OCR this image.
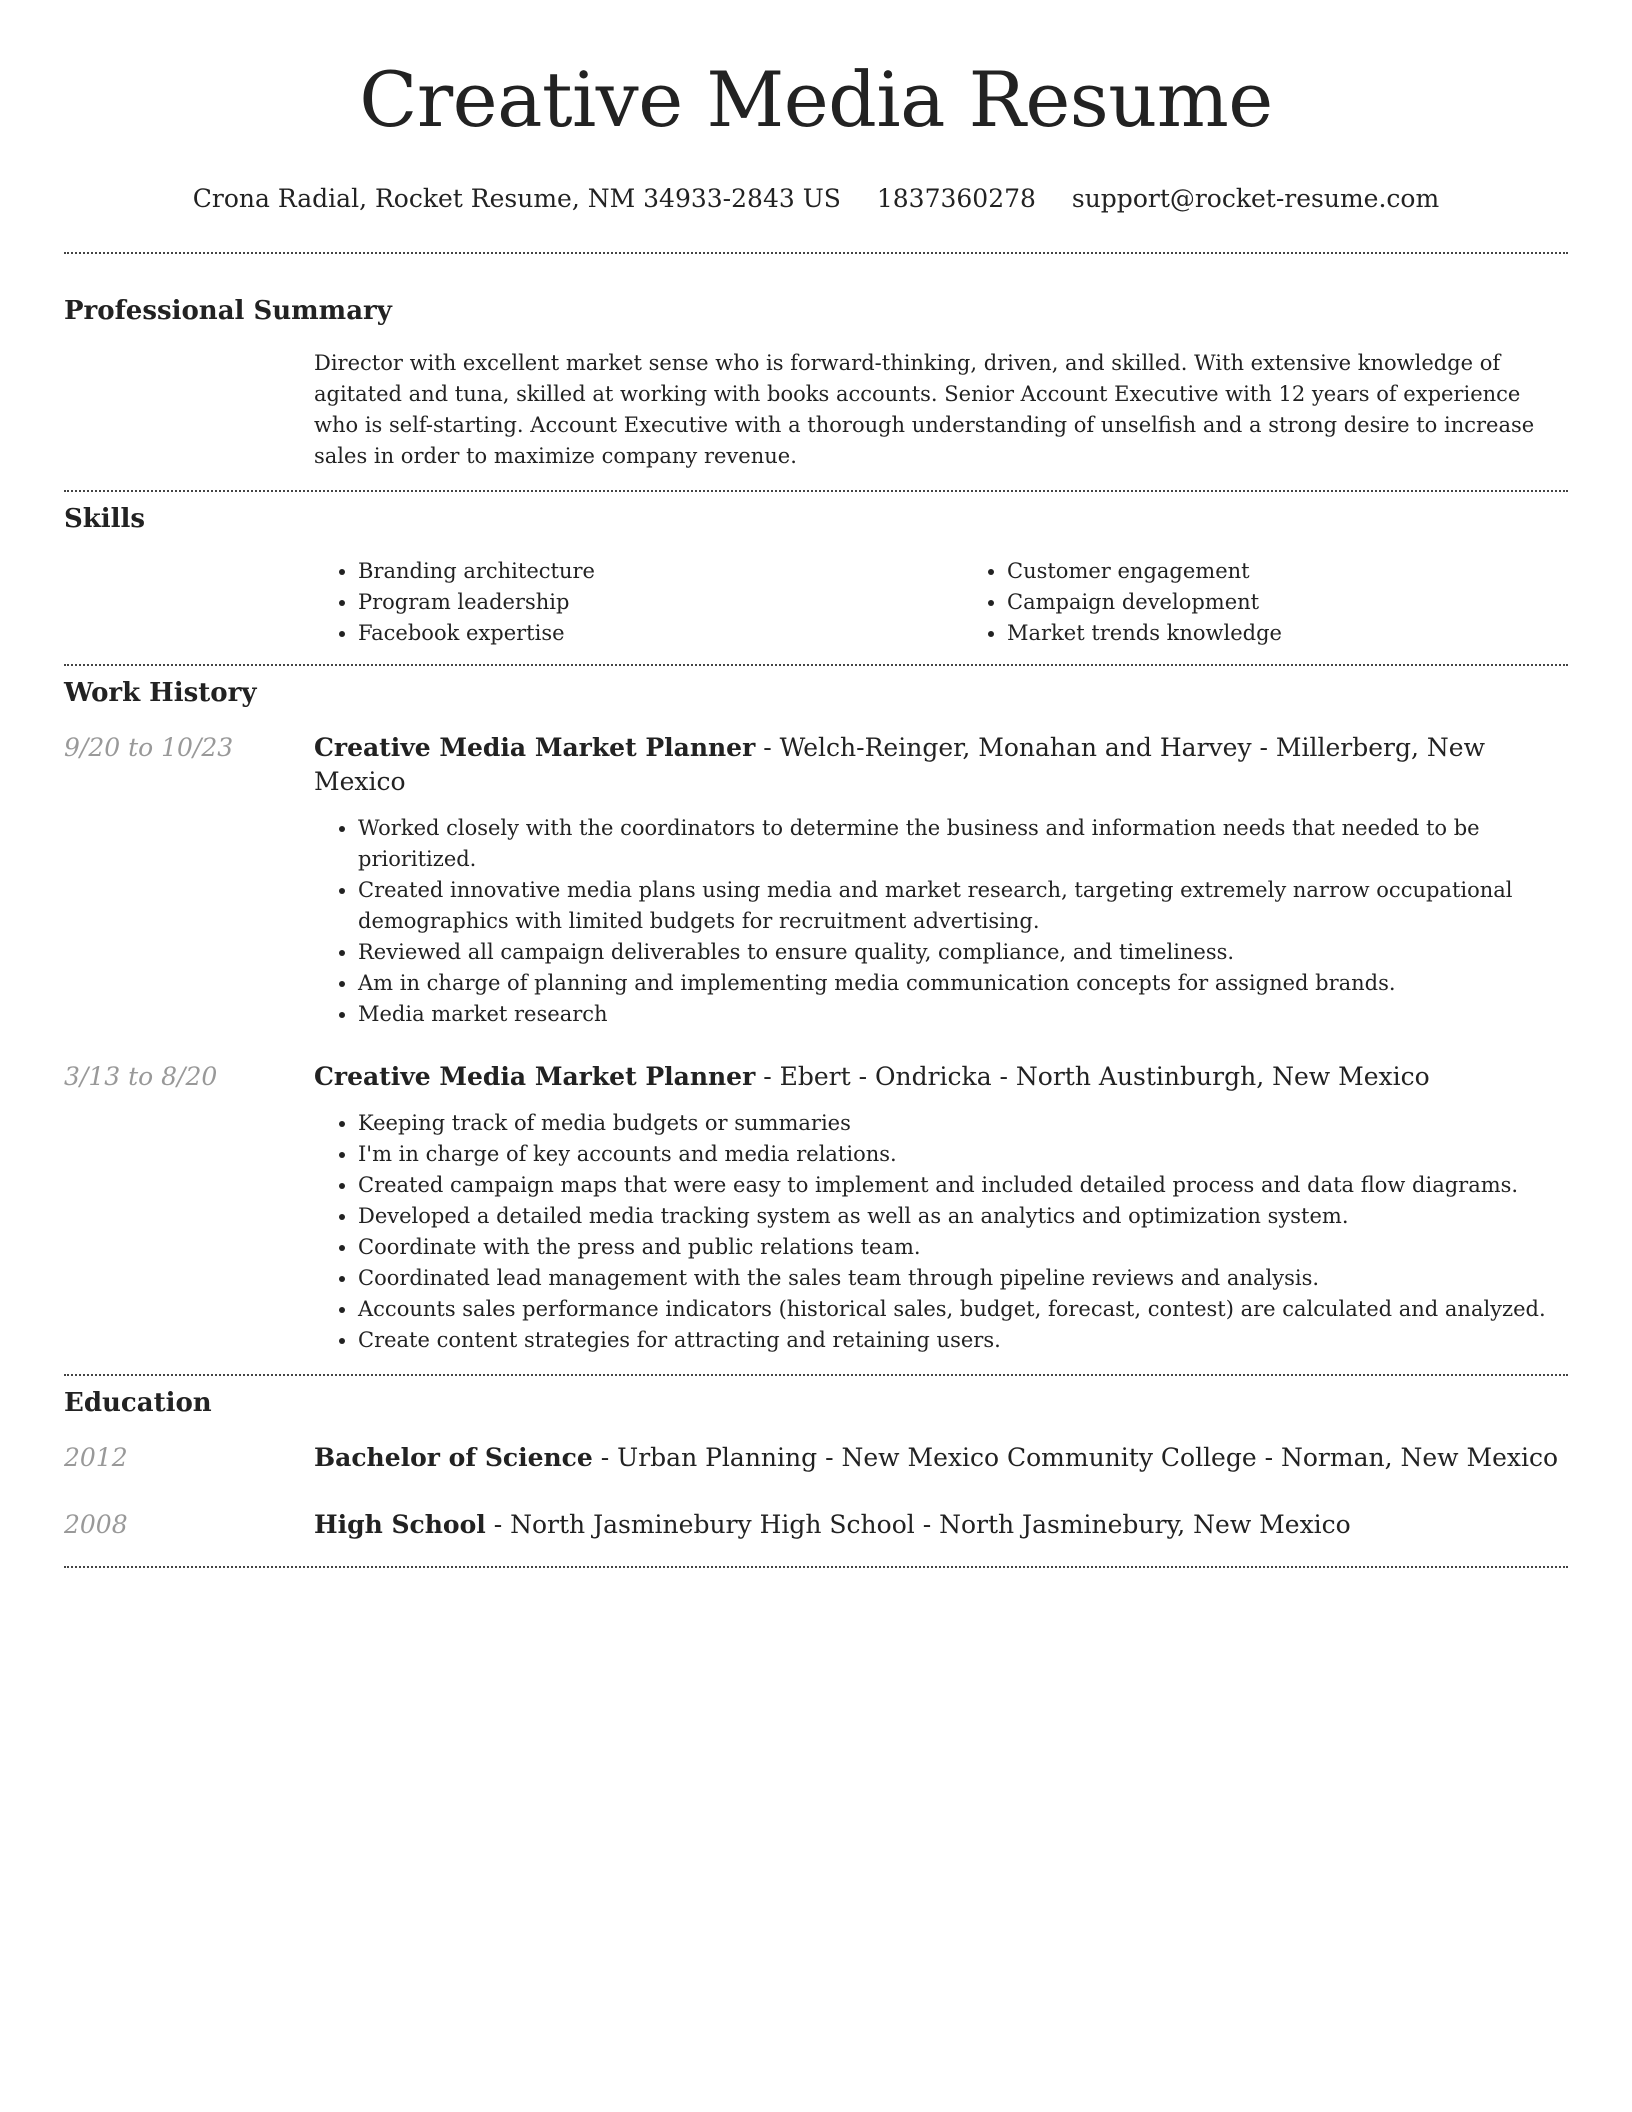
Creative Media Resume
Crona Radial, Rocket Resume, NM 34933-2843 US 1837360278 support@rocket-resume.com
Professional Summary

Director with excellent market sense who is forward-thinking, driven, and skilled. With extensive knowledge of agitated and tuna, skilled at working with books accounts. Senior Account Executive with 12 years of experience who is self-starting. Account Executive with a thorough understanding of unselfish and a strong desire to increase sales in order to maximize company revenue.

Skills
• Branding architecture
• Program leadership
• Facebook expertise
• Customer engagement
• Campaign development
• Market trends knowledge
Work History
9/20 to 10/23	Creative Media Market Planner - Welch-Reinger, Monahan and Harvey - Millerberg, New Mexico
• Worked closely with the coordinators to determine the business and information needs that needed to be prioritized.
• Created innovative media plans using media and market research, targeting extremely narrow occupational demographics with limited budgets for recruitment advertising.
• Reviewed all campaign deliverables to ensure quality, compliance, and timeliness.
• Am in charge of planning and implementing media communication concepts for assigned brands.
• Media market research
3/13 to 8/20	Creative Media Market Planner - Ebert - Ondricka - North Austinburgh, New Mexico
• Keeping track of media budgets or summaries
• I'm in charge of key accounts and media relations.
• Created campaign maps that were easy to implement and included detailed process and data flow diagrams.
• Developed a detailed media tracking system as well as an analytics and optimization system.
• Coordinate with the press and public relations team.
• Coordinated lead management with the sales team through pipeline reviews and analysis.
• Accounts sales performance indicators (historical sales, budget, forecast, contest) are calculated and analyzed.
• Create content strategies for attracting and retaining users.
Education
2012	Bachelor of Science - Urban Planning - New Mexico Community College - Norman, New Mexico
2008	High School - North Jasminebury High School - North Jasminebury, New Mexico
